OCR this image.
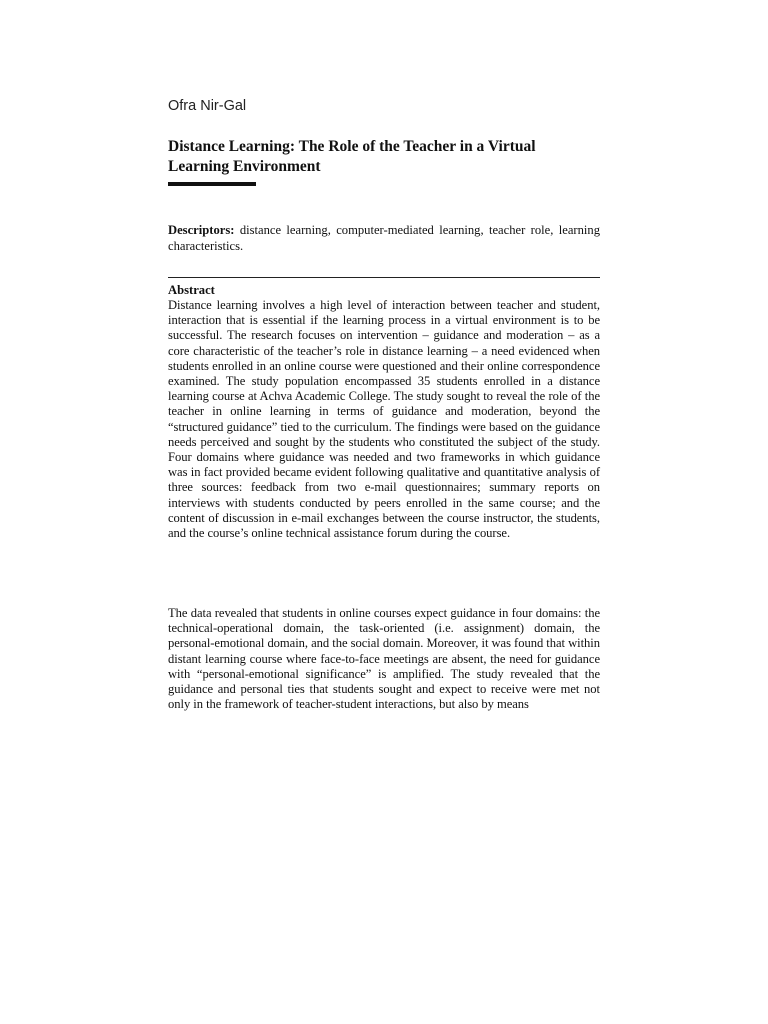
Ofra Nir-Gal
Distance Learning: The Role of the Teacher in a Virtual Learning Environment

Descriptors: distance learning, computer-mediated learning, teacher role, learning characteristics.

Abstract

Distance learning involves a high level of interaction between teacher and student, interaction that is essential if the learning process in a virtual environment is to be successful. The research focuses on intervention – guidance and moderation – as a core characteristic of the teacher’s role in distance learning – a need evidenced when students enrolled in an online course were questioned and their online correspondence examined. The study population encompassed 35 students enrolled in a distance learning course at Achva Academic College. The study sought to reveal the role of the teacher in online learning in terms of guidance and moderation, beyond the “structured guidance” tied to the curriculum. The findings were based on the guidance needs perceived and sought by the students who constituted the subject of the study. Four domains where guidance was needed and two frameworks in which guidance was in fact provided became evident following qualitative and quantitative analysis of three sources: feedback from two e-mail questionnaires; summary reports on interviews with students conducted by peers enrolled in the same course; and the content of discussion in e-mail exchanges between the course instructor, the students, and the course’s online technical assistance forum during the course.

The data revealed that students in online courses expect guidance in four domains: the technical-operational domain, the task-oriented (i.e. assignment) domain, the personal-emotional domain, and the social domain. Moreover, it was found that within distant learning course where face-to-face meetings are absent, the need for guidance with “personal-emotional significance” is amplified. The study revealed that the guidance and personal ties that students sought and expect to receive were met not only in the framework of teacher-student interactions, but also by means
